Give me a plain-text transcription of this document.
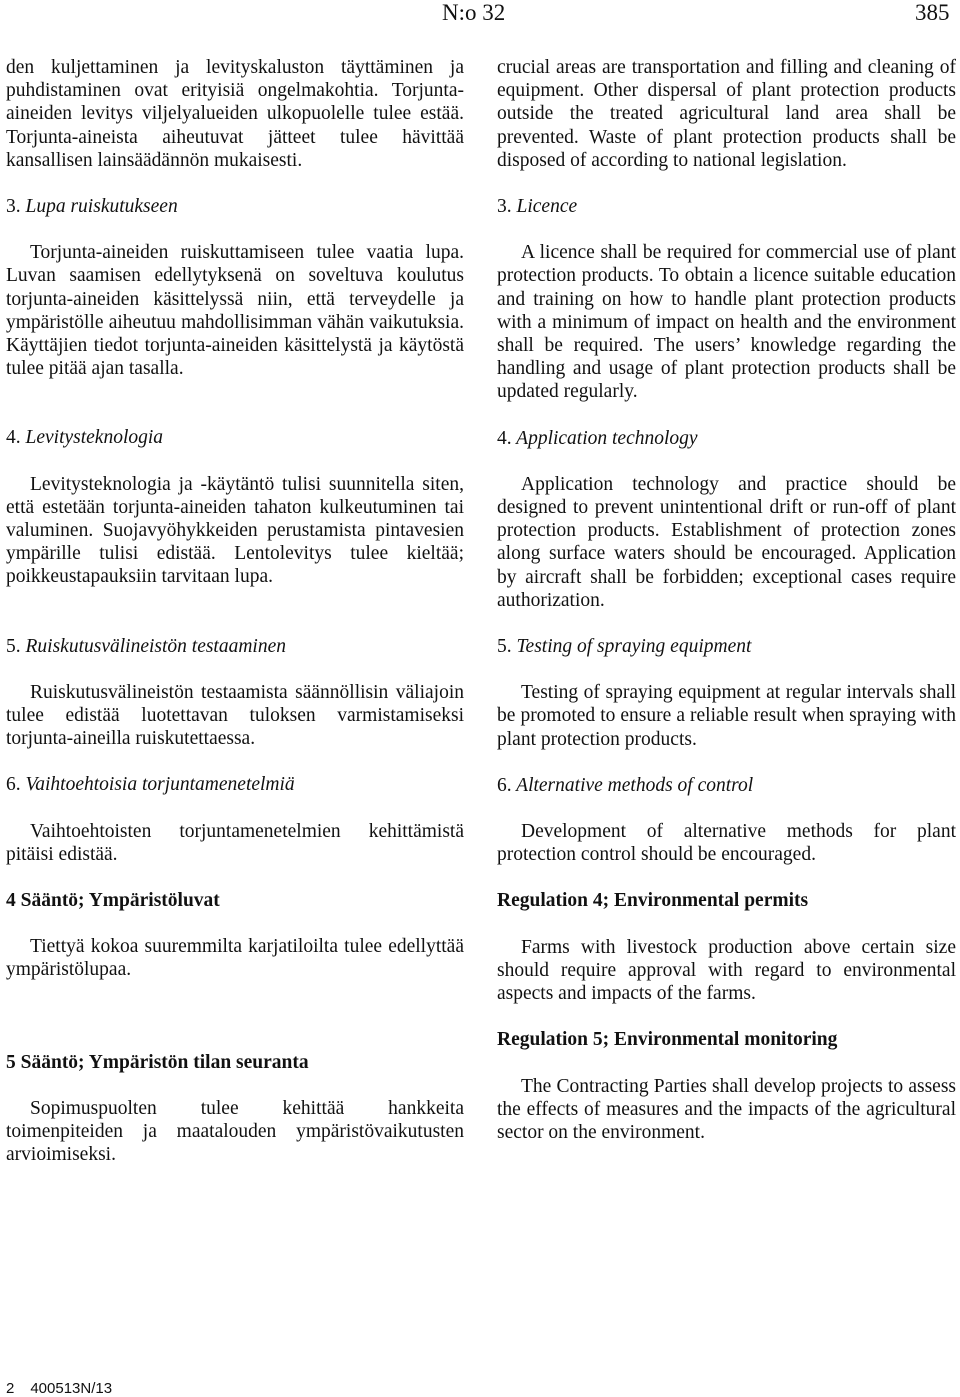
N:o 32	385

den kuljettaminen ja levityskaluston täyttäminen ja puhdistaminen ovat erityisiä ongelmakohtia. Torjunta-aineiden levitys viljelyalueiden ulkopuolelle tulee estää. Torjunta-aineista aiheutuvat jätteet tulee hävittää kansallisen lainsäädännön mukaisesti.

3. Lupa ruiskutukseen

Torjunta-aineiden ruiskuttamiseen tulee vaatia lupa. Luvan saamisen edellytyksenä on soveltuva koulutus torjunta-aineiden käsittelyssä niin, että terveydelle ja ympäristölle aiheutuu mahdollisimman vähän vaikutuksia. Käyttäjien tiedot torjunta-aineiden käsittelystä ja käytöstä tulee pitää ajan tasalla.

4. Levitysteknologia

Levitysteknologia ja -käytäntö tulisi suunnitella siten, että estetään torjunta-aineiden tahaton kulkeutuminen tai valuminen. Suojavyöhykkeiden perustamista pintavesien ympärille tulisi edistää. Lentolevitys tulee kieltää; poikkeustapauksiin tarvitaan lupa.

5. Ruiskutusvälineistön testaaminen

Ruiskutusvälineistön testaamista säännöllisin väliajoin tulee edistää luotettavan tuloksen varmistamiseksi torjunta-aineilla ruiskutettaessa.

6. Vaihtoehtoisia torjuntamenetelmiä

Vaihtoehtoisten torjuntamenetelmien kehittämistä pitäisi edistää.

4 Sääntö; Ympäristöluvat

Tiettyä kokoa suuremmilta karjatiloilta tulee edellyttää ympäristölupaa.

5 Sääntö; Ympäristön tilan seuranta

Sopimuspuolten tulee kehittää hankkeita toimenpiteiden ja maatalouden ympäristövaikutusten arvioimiseksi.

crucial areas are transportation and filling and cleaning of equipment. Other dispersal of plant protection products outside the treated agricultural land area shall be prevented. Waste of plant protection products shall be disposed of according to national legislation.

3. Licence

A licence shall be required for commercial use of plant protection products. To obtain a licence suitable education and training on how to handle plant protection products with a minimum of impact on health and the environment shall be required. The users’ knowledge regarding the handling and usage of plant protection products shall be updated regularly.

4. Application technology

Application technology and practice should be designed to prevent unintentional drift or run-off of plant protection products. Establishment of protection zones along surface waters should be encouraged. Application by aircraft shall be forbidden; exceptional cases require authorization.

5. Testing of spraying equipment

Testing of spraying equipment at regular intervals shall be promoted to ensure a reliable result when spraying with plant protection products.

6. Alternative methods of control

Development of alternative methods for plant protection control should be encouraged.

Regulation 4; Environmental permits

Farms with livestock production above certain size should require approval with regard to environmental aspects and impacts of the farms.

Regulation 5; Environmental monitoring

The Contracting Parties shall develop projects to assess the effects of measures and the impacts of the agricultural sector on the environment.

2 400513N/13
